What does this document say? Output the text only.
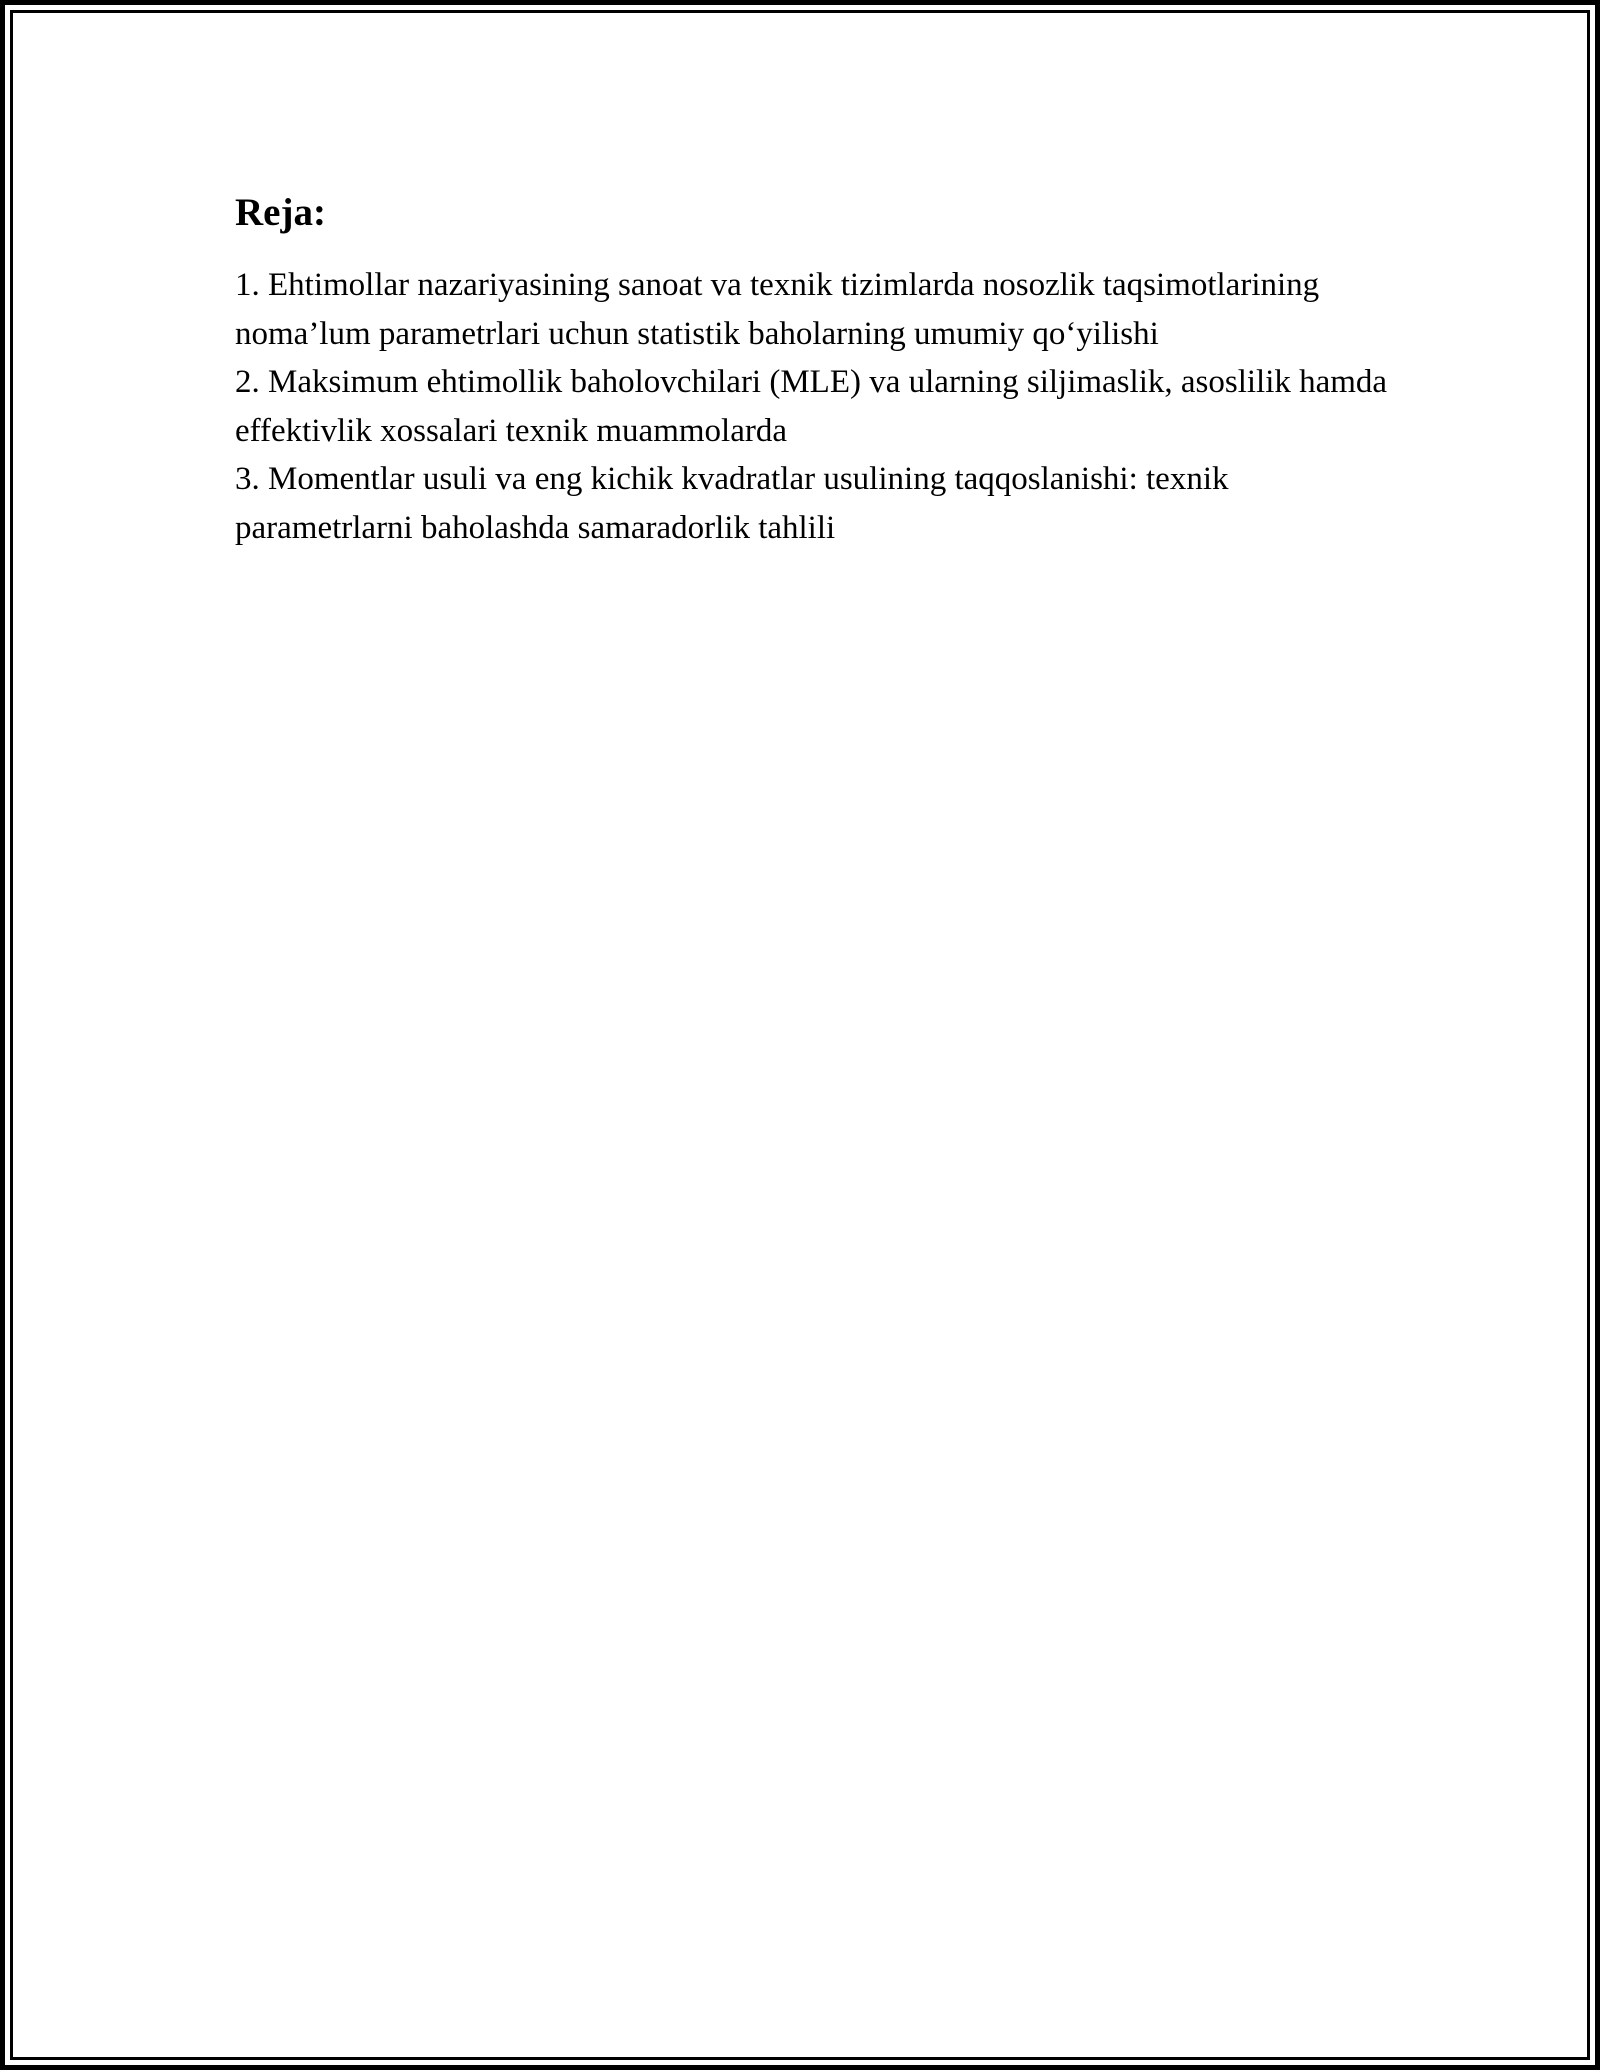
Reja:
1. Ehtimollar nazariyasining sanoat va texnik tizimlarda nosozlik taqsimotlarining noma’lum parametrlari uchun statistik baholarning umumiy qo‘yilishi
2. Maksimum ehtimollik baholovchilari (MLE) va ularning siljimaslik, asoslilik hamda effektivlik xossalari texnik muammolarda
3. Momentlar usuli va eng kichik kvadratlar usulining taqqoslanishi: texnik parametrlarni baholashda samaradorlik tahlili
